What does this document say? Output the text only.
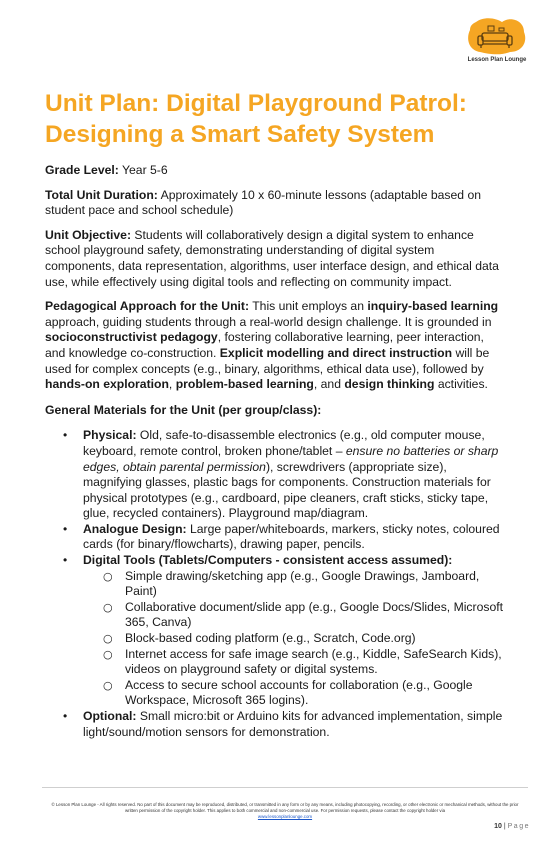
Lesson Plan Lounge
Unit Plan: Digital Playground Patrol: Designing a Smart Safety System

Grade Level: Year 5-6

Total Unit Duration: Approximately 10 x 60-minute lessons (adaptable based on student pace and school schedule)

Unit Objective: Students will collaboratively design a digital system to enhance school playground safety, demonstrating understanding of digital system components, data representation, algorithms, user interface design, and ethical data use, while effectively using digital tools and reflecting on community impact.

Pedagogical Approach for the Unit: This unit employs an inquiry-based learning approach, guiding students through a real-world design challenge. It is grounded in socioconstructivist pedagogy, fostering collaborative learning, peer interaction, and knowledge co-construction. Explicit modelling and direct instruction will be used for complex concepts (e.g., binary, algorithms, ethical data use), followed by hands-on exploration, problem-based learning, and design thinking activities.

General Materials for the Unit (per group/class):

• Physical: Old, safe-to-disassemble electronics (e.g., old computer mouse, keyboard, remote control, broken phone/tablet – ensure no batteries or sharp edges, obtain parental permission), screwdrivers (appropriate size), magnifying glasses, plastic bags for components. Construction materials for physical prototypes (e.g., cardboard, pipe cleaners, craft sticks, sticky tape, glue, recycled containers). Playground map/diagram.
• Analogue Design: Large paper/whiteboards, markers, sticky notes, coloured cards (for binary/flowcharts), drawing paper, pencils.
• Digital Tools (Tablets/Computers - consistent access assumed):
○ Simple drawing/sketching app (e.g., Google Drawings, Jamboard, Paint)
○ Collaborative document/slide app (e.g., Google Docs/Slides, Microsoft 365, Canva)
○ Block-based coding platform (e.g., Scratch, Code.org)
○ Internet access for safe image search (e.g., Kiddle, SafeSearch Kids), videos on playground safety or digital systems.
○ Access to secure school accounts for collaboration (e.g., Google Workspace, Microsoft 365 logins).
• Optional: Small micro:bit or Arduino kits for advanced implementation, simple light/sound/motion sensors for demonstration.
© Lesson Plan Lounge - All rights reserved. No part of this document may be reproduced, distributed, or transmitted in any form or by any means, including photocopying, recording, or other electronic or mechanical methods, without the prior written permission of the copyright holder. This applies to both commercial and non-commercial use. For permission requests, please contact the copyright holder via
www.lessonplanlounge.com
10 | Page
